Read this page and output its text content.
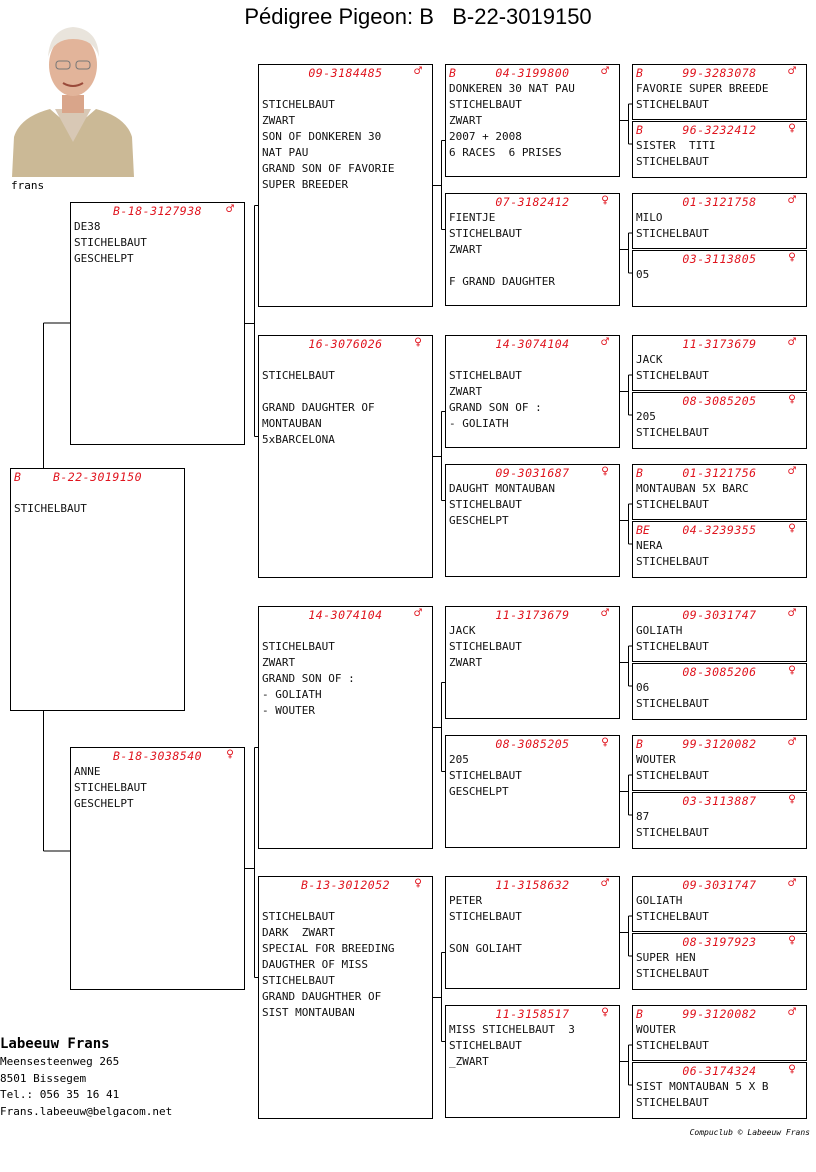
Pédigree Pigeon: B   B-22-3019150
frans
B	B-22-3019150
STICHELBAUT
B-18-3127938	♂
DE38
STICHELBAUT
GESCHELPT
B-18-3038540	♀
ANNE
STICHELBAUT
GESCHELPT
09-3184485	♂
STICHELBAUT
ZWART
SON OF DONKEREN 30
NAT PAU
GRAND SON OF FAVORIE
SUPER BREEDER
16-3076026	♀
STICHELBAUT
GRAND DAUGHTER OF
MONTAUBAN
5xBARCELONA
14-3074104	♂
STICHELBAUT
ZWART
GRAND SON OF :
- GOLIATH
- WOUTER
B-13-3012052	♀
STICHELBAUT
DARK  ZWART
SPECIAL FOR BREEDING
DAUGTHER OF MISS
STICHELBAUT
GRAND DAUGHTHER OF
SIST MONTAUBAN
B	04-3199800	♂
DONKEREN 30 NAT PAU
STICHELBAUT
ZWART
2007 + 2008
6 RACES  6 PRISES
07-3182412	♀
FIENTJE
STICHELBAUT
ZWART
F GRAND DAUGHTER
14-3074104	♂
STICHELBAUT
ZWART
GRAND SON OF :
- GOLIATH
09-3031687	♀
DAUGHT MONTAUBAN
STICHELBAUT
GESCHELPT
11-3173679	♂
JACK
STICHELBAUT
ZWART
08-3085205	♀
205
STICHELBAUT
GESCHELPT
11-3158632	♂
PETER
STICHELBAUT
SON GOLIAHT
11-3158517	♀
MISS STICHELBAUT  3
STICHELBAUT
_ZWART
B	99-3283078	♂
FAVORIE SUPER BREEDE
STICHELBAUT
B	96-3232412	♀
SISTER  TITI
STICHELBAUT
01-3121758	♂
MILO
STICHELBAUT
03-3113805	♀
05
11-3173679	♂
JACK
STICHELBAUT
08-3085205	♀
205
STICHELBAUT
B	01-3121756	♂
MONTAUBAN 5X BARC
STICHELBAUT
BE	04-3239355	♀
NERA
STICHELBAUT
09-3031747	♂
GOLIATH
STICHELBAUT
08-3085206	♀
06
STICHELBAUT
B	99-3120082	♂
WOUTER
STICHELBAUT
03-3113887	♀
87
STICHELBAUT
09-3031747	♂
GOLIATH
STICHELBAUT
08-3197923	♀
SUPER HEN
STICHELBAUT
B	99-3120082	♂
WOUTER
STICHELBAUT
06-3174324	♀
SIST MONTAUBAN 5 X B
STICHELBAUT
Labeeuw Frans
Meensesteenweg 265
8501 Bissegem
Tel.: 056 35 16 41
Frans.labeeuw@belgacom.net
Compuclub © Labeeuw Frans
